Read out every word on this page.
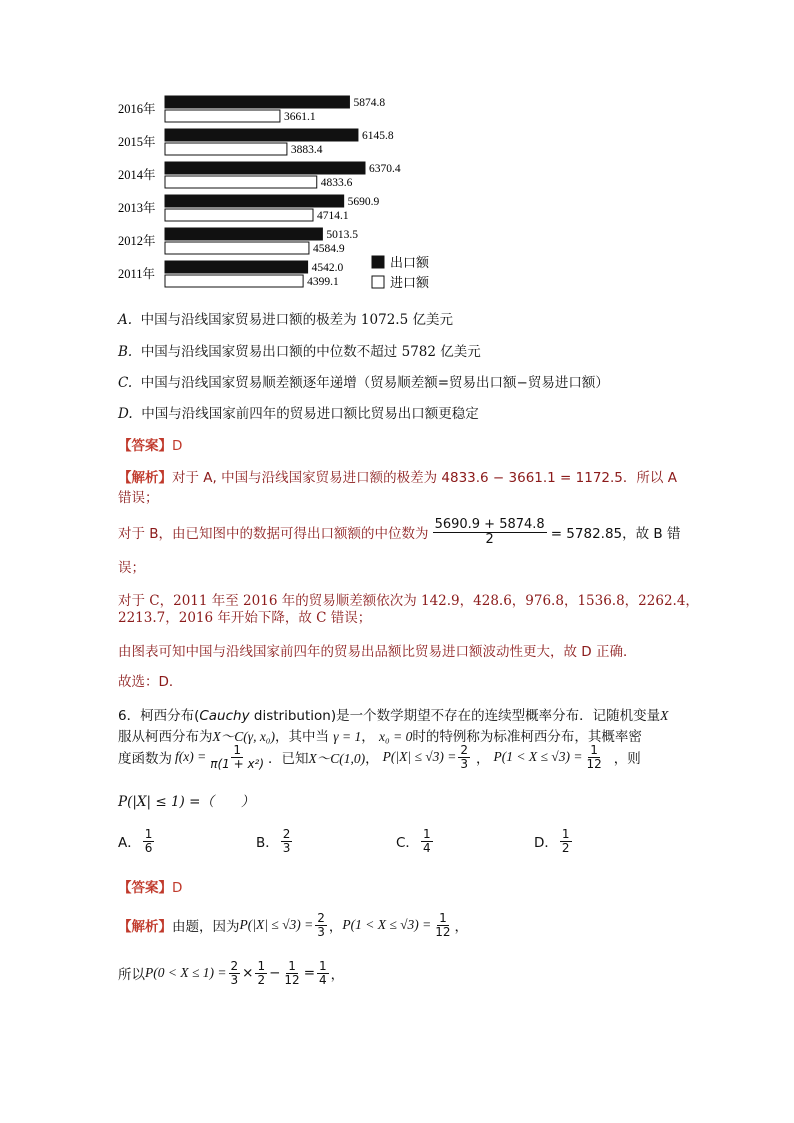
2016年	5874.8
3661.1
2015年	6145.8
3883.4
2014年	6370.4
4833.6
2013年	5690.9
4714.1
2012年	5013.5
4584.9
2011年	4542.0
4399.1
出口额
进口额
A. 中国与沿线国家贸易进口额的极差为 1072.5 亿美元
B. 中国与沿线国家贸易出口额的中位数不超过 5782 亿美元
C. 中国与沿线国家贸易顺差额逐年递增（贸易顺差额=贸易出口额−贸易进口额）
D. 中国与沿线国家前四年的贸易进口额比贸易出口额更稳定
【答案】D
【解析】对于 A, 中国与沿线国家贸易进口额的极差为 4833.6 − 3661.1 = 1172.5．所以 A
错误；
对于 B，由已知图中的数据可得出口额额的中位数为 $\frac{5690.9 + 5874.8}{2} = 5782.85$，故 B 错
误；
对于 C，2011 年至 2016 年的贸易顺差额依次为 142.9，428.6，976.8，1536.8，2262.4，
2213.7，2016 年开始下降，故 C 错误；
由图表可知中国与沿线国家前四年的贸易出品额比贸易进口额波动性更大，故 D 正确．
故选：D．
6．柯西分布(Cauchy distribution)是一个数学期望不存在的连续型概率分布．记随机变量X
服从柯西分布为X～C(γ, x₀)，其中当 γ = 1， x₀ = 0时的特例称为标准柯西分布，其概率密
度函数为 $f(x) = \frac{1}{\text{π(1 + x²)}}$ ．已知 X～C(1,0) ， $P(|X| \le √3) = \frac{2}{3}$ ， $P(1 < X \le √3) = \frac{1}{12}$ ，则
P(|X| ≤ 1) =（　　）
A． $\frac{1}{6}$	B． $\frac{2}{3}$	C． $\frac{1}{4}$	D． $\frac{1}{2}$
【答案】D
【解析】 由题，因为 $P(|X| \le √3) = \frac{2}{3}$ ， $P(1 < X \le √3) = \frac{1}{12}$ ，
所以 $P(0 < X \le 1) = \frac{2}{3} \times \frac{1}{2} - \frac{1}{12} = \frac{1}{4}$ ，
